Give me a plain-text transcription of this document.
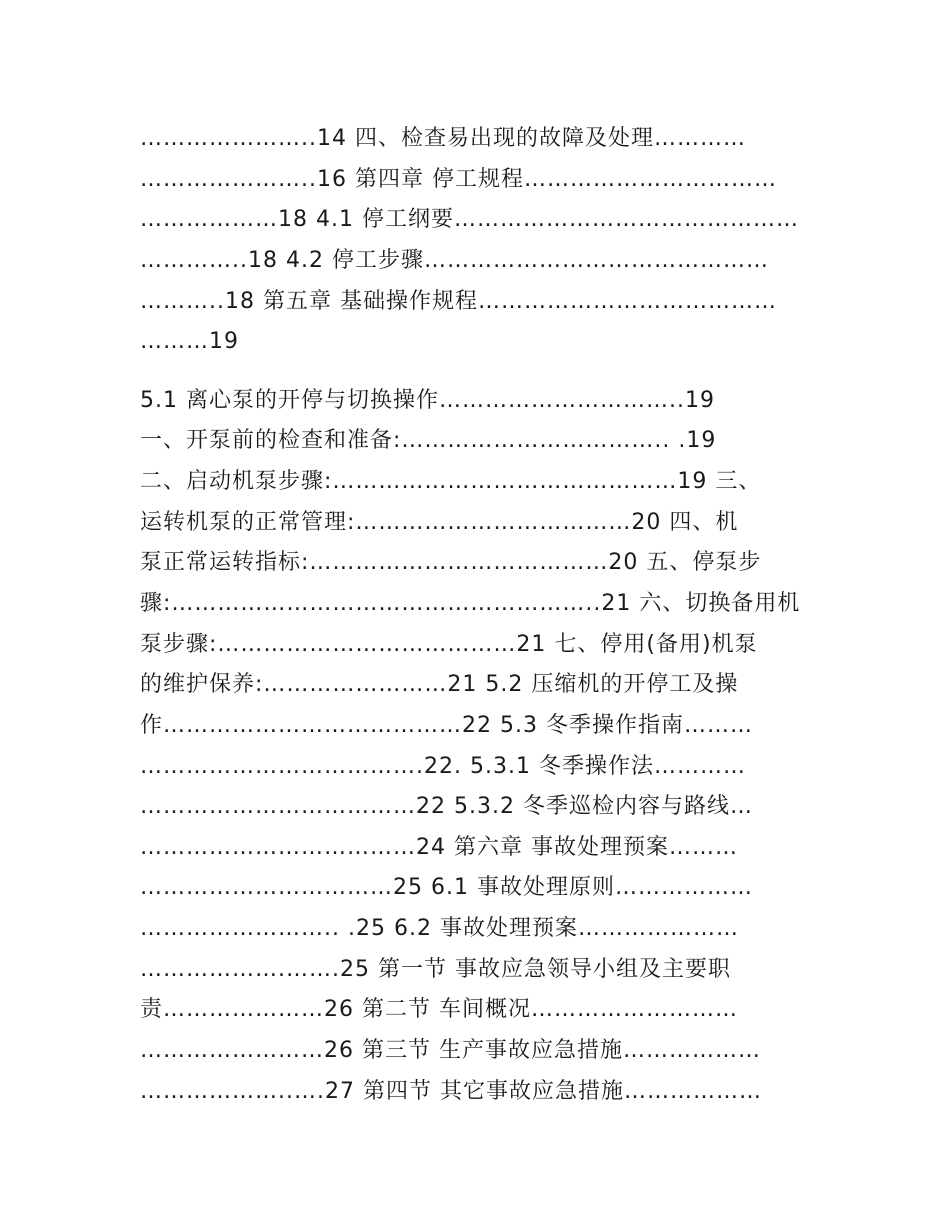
…………………..14 四、检查易出现的故障及处理…………
…………………..16 第四章 停工规程……………………………
………………18 4.1 停工纲要………………………………………
…………..18 4.2 停工步骤………………………………………
………..18 第五章 基础操作规程…………………………………
………19
5.1 离心泵的开停与切换操作…………………………..19
一、开泵前的检查和准备:…………………………….. .19
二、启动机泵步骤:………………………………………19 三、
运转机泵的正常管理:………………………………20 四、机
泵正常运转指标:…………………………………20 五、停泵步
骤:………………………………………………..21 六、切换备用机
泵步骤:…………………………………21 七、停用(备用)机泵
的维护保养:……………………21 5.2 压缩机的开停工及操
作…………………………………22 5.3 冬季操作指南………
……………………………….22. 5.3.1 冬季操作法…………
………………………………22 5.3.2 冬季巡检内容与路线…
………………………………24 第六章 事故处理预案………
……………………………25 6.1 事故处理原则………………
…………………….. .25 6.2 事故处理预案…………………
……………….…….25 第一节 事故应急领导小组及主要职
责…………………26 第二节 车间概况………………………
……………………26 第三节 生产事故应急措施………………
………………..….27 第四节 其它事故应急措施………………
